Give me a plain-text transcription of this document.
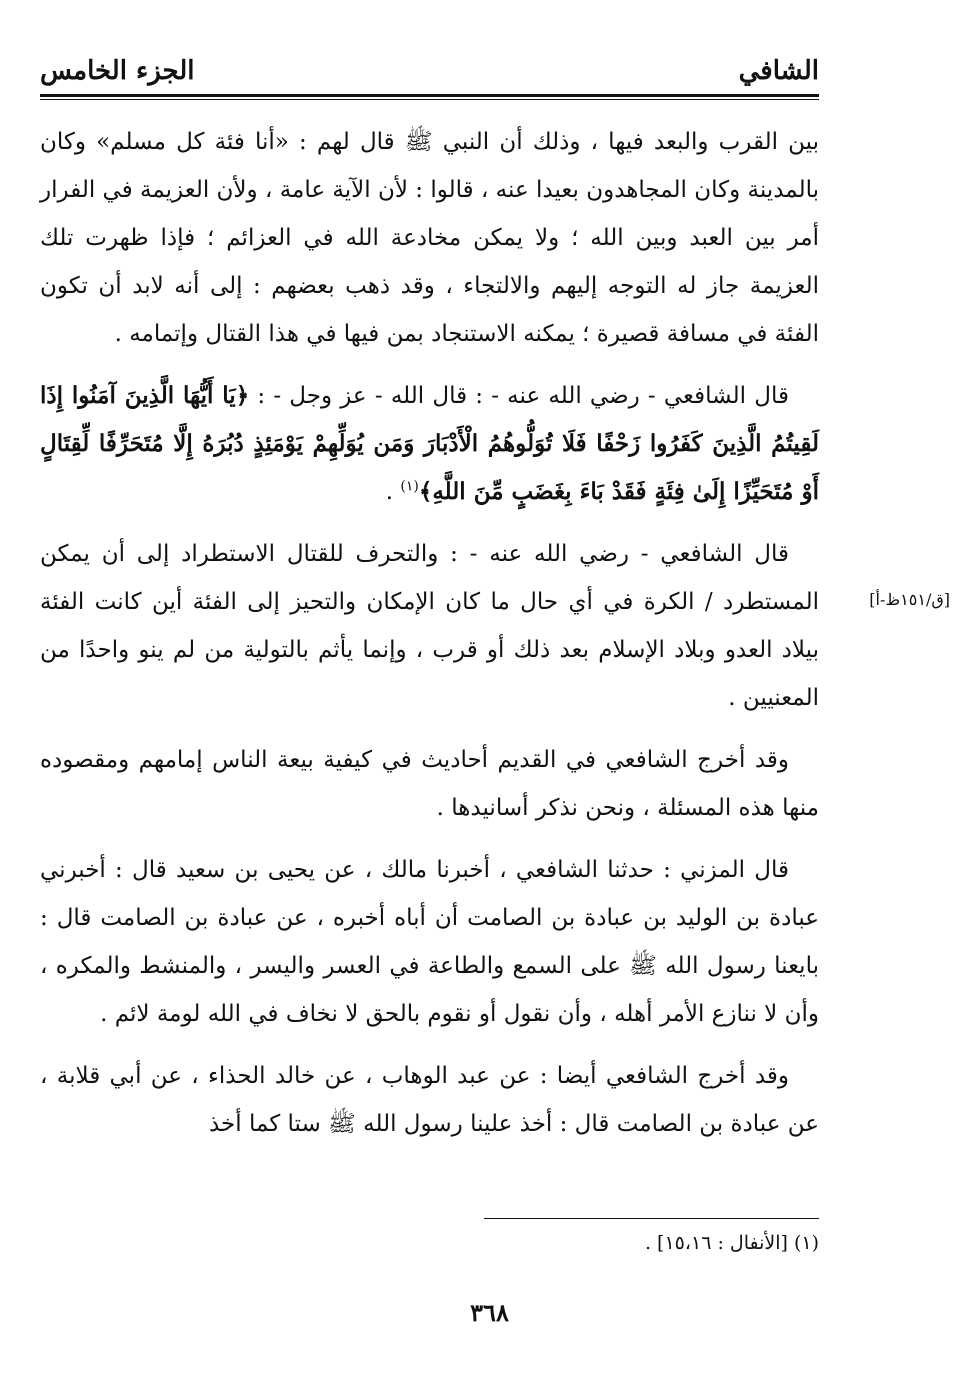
الشافي
الجزء الخامس

بين القرب والبعد فيها ، وذلك أن النبي ﷺ قال لهم : «أنا فئة كل مسلم» وكان بالمدينة وكان المجاهدون بعيدا عنه ، قالوا : لأن الآية عامة ، ولأن العزيمة في الفرار أمر بين العبد وبين الله ؛ ولا يمكن مخادعة الله في العزائم ؛ فإذا ظهرت تلك العزيمة جاز له التوجه إليهم والالتجاء ، وقد ذهب بعضهم : إلى أنه لابد أن تكون الفئة في مسافة قصيرة ؛ يمكنه الاستنجاد بمن فيها في هذا القتال وإتمامه .

قال الشافعي - رضي الله عنه - : قال الله - عز وجل - : ﴿يَا أَيُّهَا الَّذِينَ آمَنُوا إِذَا لَقِيتُمُ الَّذِينَ كَفَرُوا زَحْفًا فَلَا تُوَلُّوهُمُ الْأَدْبَارَ وَمَن يُوَلِّهِمْ يَوْمَئِذٍ دُبُرَهُ إِلَّا مُتَحَرِّفًا لِّقِتَالٍ أَوْ مُتَحَيِّزًا إِلَىٰ فِئَةٍ فَقَدْ بَاءَ بِغَضَبٍ مِّنَ اللَّهِ﴾$^{(١)}$ .

قال الشافعي - رضي الله عنه - : والتحرف للقتال الاستطراد إلى أن يمكن المستطرد / الكرة في أي حال ما كان الإمكان والتحيز إلى الفئة أين كانت الفئة بيلاد العدو وبلاد الإسلام بعد ذلك أو قرب ، وإنما يأثم بالتولية من لم ينو واحدًا من المعنيين .

وقد أخرج الشافعي في القديم أحاديث في كيفية بيعة الناس إمامهم ومقصوده منها هذه المسئلة ، ونحن نذكر أسانيدها .

قال المزني : حدثنا الشافعي ، أخبرنا مالك ، عن يحيى بن سعيد قال : أخبرني عبادة بن الوليد بن عبادة بن الصامت أن أباه أخبره ، عن عبادة بن الصامت قال : بايعنا رسول الله ﷺ على السمع والطاعة في العسر واليسر ، والمنشط والمكره ، وأن لا ننازع الأمر أهله ، وأن نقول أو نقوم بالحق لا نخاف في الله لومة لائم .

وقد أخرج الشافعي أيضا : عن عبد الوهاب ، عن خالد الحذاء ، عن أبي قلابة ، عن عبادة بن الصامت قال : أخذ علينا رسول الله ﷺ ستا كما أخذ

[ق/١٥١ظ-أ]
(١) [الأنفال : ١٥،١٦] .
٣٦٨
